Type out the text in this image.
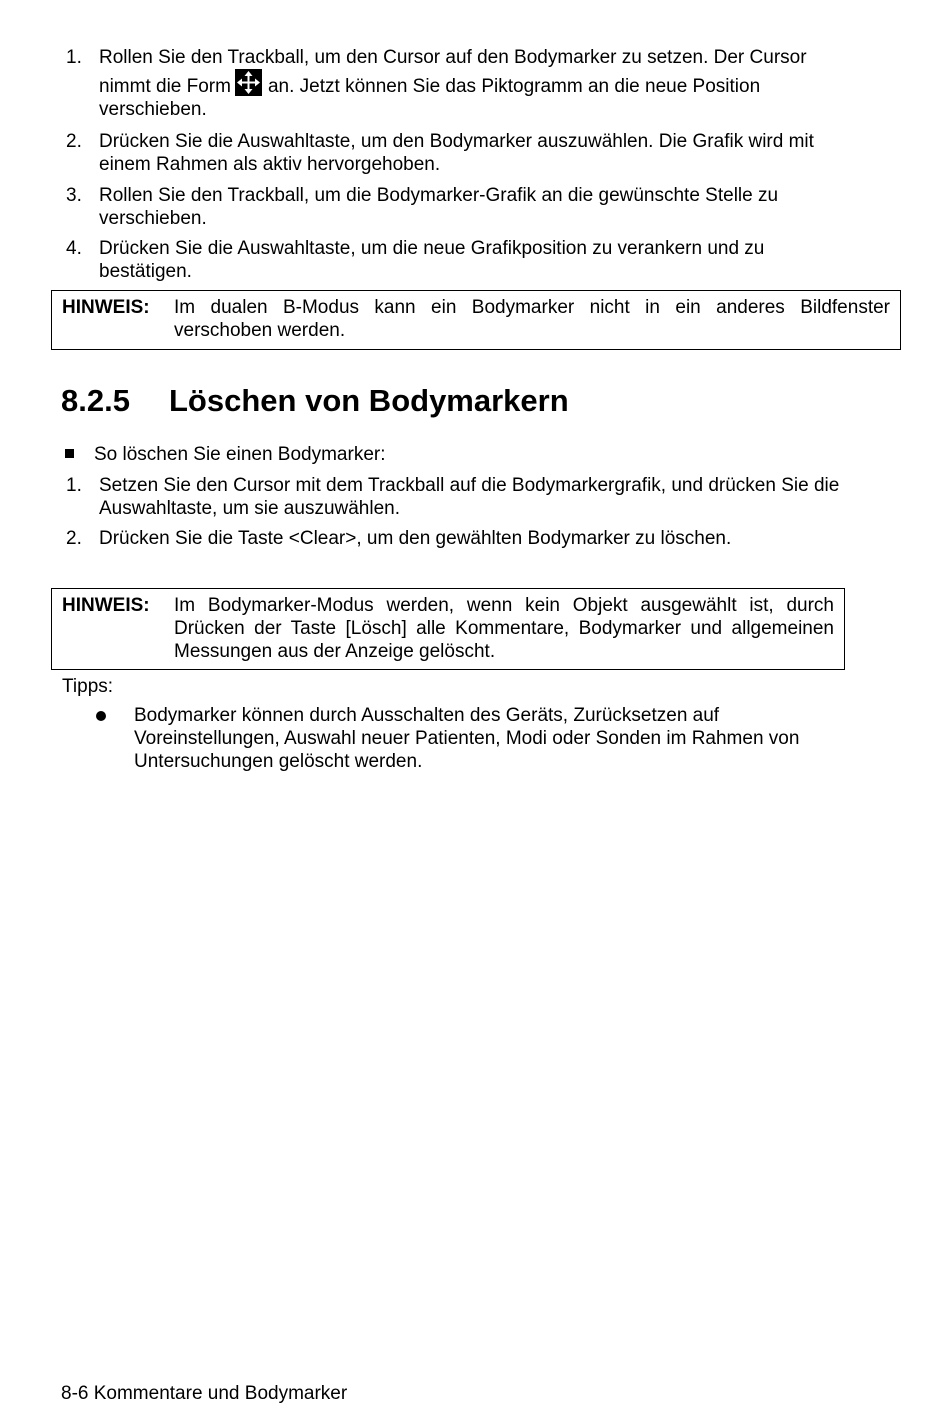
1. Rollen Sie den Trackball, um den Cursor auf den Bodymarker zu setzen. Der Cursor nimmt die Form an. Jetzt können Sie das Piktogramm an die neue Position verschieben.
2. Drücken Sie die Auswahltaste, um den Bodymarker auszuwählen. Die Grafik wird mit einem Rahmen als aktiv hervorgehoben.
3. Rollen Sie den Trackball, um die Bodymarker-Grafik an die gewünschte Stelle zu verschieben.
4. Drücken Sie die Auswahltaste, um die neue Grafikposition zu verankern und zu bestätigen.
HINWEIS: Im dualen B-Modus kann ein Bodymarker nicht in ein anderes Bildfenster verschoben werden.
8.2.5 Löschen von Bodymarkern
So löschen Sie einen Bodymarker:
1. Setzen Sie den Cursor mit dem Trackball auf die Bodymarkergrafik, und drücken Sie die Auswahltaste, um sie auszuwählen.
2. Drücken Sie die Taste <Clear>, um den gewählten Bodymarker zu löschen.
HINWEIS: Im Bodymarker-Modus werden, wenn kein Objekt ausgewählt ist, durch Drücken der Taste [Lösch] alle Kommentare, Bodymarker und allgemeinen Messungen aus der Anzeige gelöscht.
Tipps:
Bodymarker können durch Ausschalten des Geräts, Zurücksetzen auf Voreinstellungen, Auswahl neuer Patienten, Modi oder Sonden im Rahmen von Untersuchungen gelöscht werden.
8-6 Kommentare und Bodymarker
